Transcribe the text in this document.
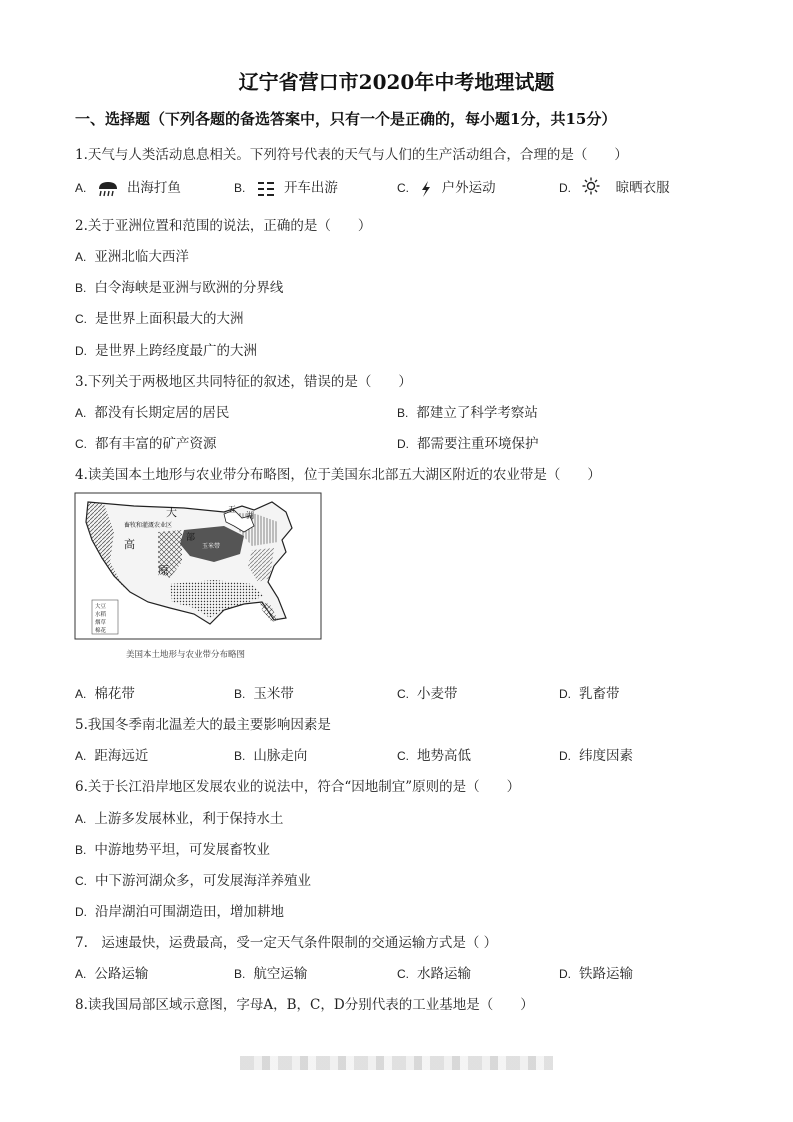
辽宁省营口市2020年中考地理试题
一、选择题（下列各题的备选答案中，只有一个是正确的，每小题1分，共15分）
1.天气与人类活动息息相关。下列符号代表的天气与人们的生产活动组合，合理的是（　　）
A.	出海打鱼	B.	开车出游	C. 户外运动	D.	晾晒衣服
2.关于亚洲位置和范围的说法，正确的是（　　）
A. 亚洲北临大西洋
B. 白令海峡是亚洲与欧洲的分界线
C. 是世界上面积最大的大洲
D. 是世界上跨经度最广的大洲
3.下列关于两极地区共同特征的叙述，错误的是（　　）
A. 都没有长期定居的居民	B. 都建立了科学考察站
C. 都有丰富的矿产资源	D. 都需要注重环境保护
4.读美国本土地形与农业带分布略图，位于美国东北部五大湖区附近的农业带是（　　）
大
畜牧和灌溉农业区
高
原
五
湖
部
玉米带
大豆
水稻
烟草
棉花
美国本土地形与农业带分布略图
A. 棉花带	B. 玉米带	C. 小麦带	D. 乳畜带
5.我国冬季南北温差大的最主要影响因素是
A. 距海远近	B. 山脉走向	C. 地势高低	D. 纬度因素
6.关于长江沿岸地区发展农业的说法中，符合“因地制宜”原则的是（　　）
A. 上游多发展林业，利于保持水土
B. 中游地势平坦，可发展畜牧业
C. 中下游河湖众多，可发展海洋养殖业
D. 沿岸湖泊可围湖造田，增加耕地
7.　运速最快，运费最高，受一定天气条件限制的交通运输方式是（ ）
A. 公路运输	B. 航空运输	C. 水路运输	D. 铁路运输
8.读我国局部区域示意图，字母A，B，C，D分别代表的工业基地是（　　）
